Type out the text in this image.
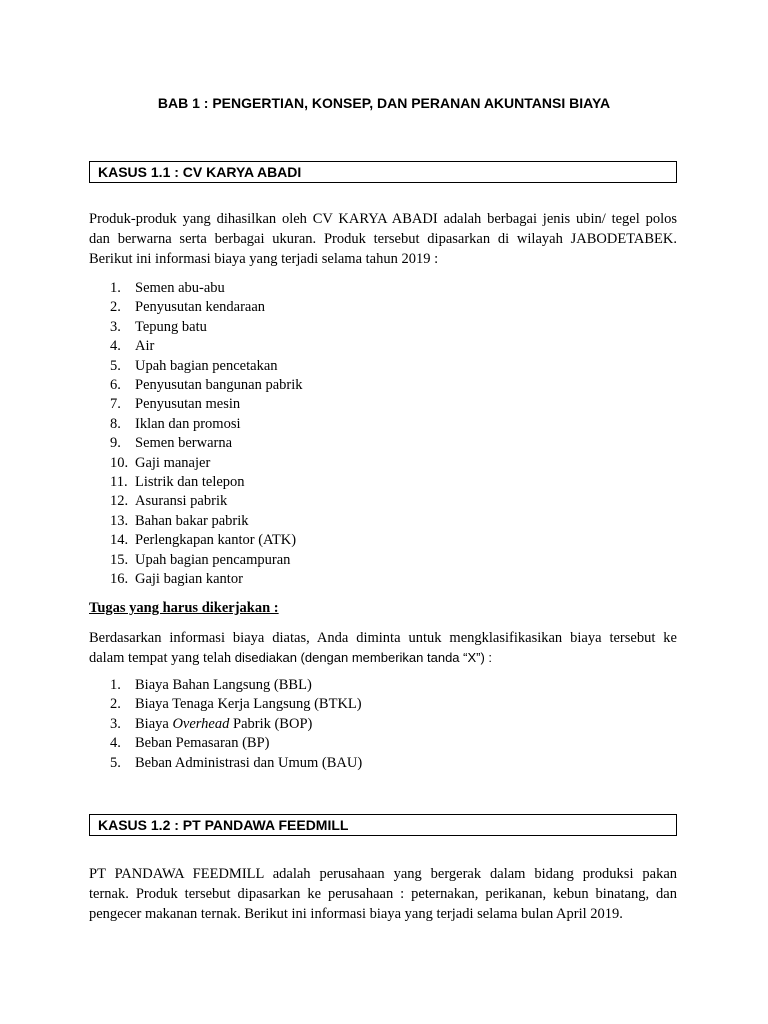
BAB 1 : PENGERTIAN, KONSEP, DAN PERANAN AKUNTANSI BIAYA
KASUS 1.1 : CV KARYA ABADI
Produk-produk yang dihasilkan oleh CV KARYA ABADI adalah berbagai jenis ubin/ tegel polos
dan berwarna serta berbagai ukuran. Produk tersebut dipasarkan di wilayah JABODETABEK.
Berikut ini informasi biaya yang terjadi selama tahun 2019 :
1. Semen abu-abu
2. Penyusutan kendaraan
3. Tepung batu
4. Air
5. Upah bagian pencetakan
6. Penyusutan bangunan pabrik
7. Penyusutan mesin
8. Iklan dan promosi
9. Semen berwarna
10. Gaji manajer
11. Listrik dan telepon
12. Asuransi pabrik
13. Bahan bakar pabrik
14. Perlengkapan kantor (ATK)
15. Upah bagian pencampuran
16. Gaji bagian kantor
Tugas yang harus dikerjakan :
Berdasarkan informasi biaya diatas, Anda diminta untuk mengklasifikasikan biaya tersebut ke
dalam tempat yang telah disediakan (dengan memberikan tanda “X”) :
1. Biaya Bahan Langsung (BBL)
2. Biaya Tenaga Kerja Langsung (BTKL)
3. Biaya Overhead Pabrik (BOP)
4. Beban Pemasaran (BP)
5. Beban Administrasi dan Umum (BAU)
KASUS 1.2 : PT PANDAWA FEEDMILL
PT PANDAWA FEEDMILL adalah perusahaan yang bergerak dalam bidang produksi pakan
ternak. Produk tersebut dipasarkan ke perusahaan : peternakan, perikanan, kebun binatang, dan
pengecer makanan ternak. Berikut ini informasi biaya yang terjadi selama bulan April 2019.
